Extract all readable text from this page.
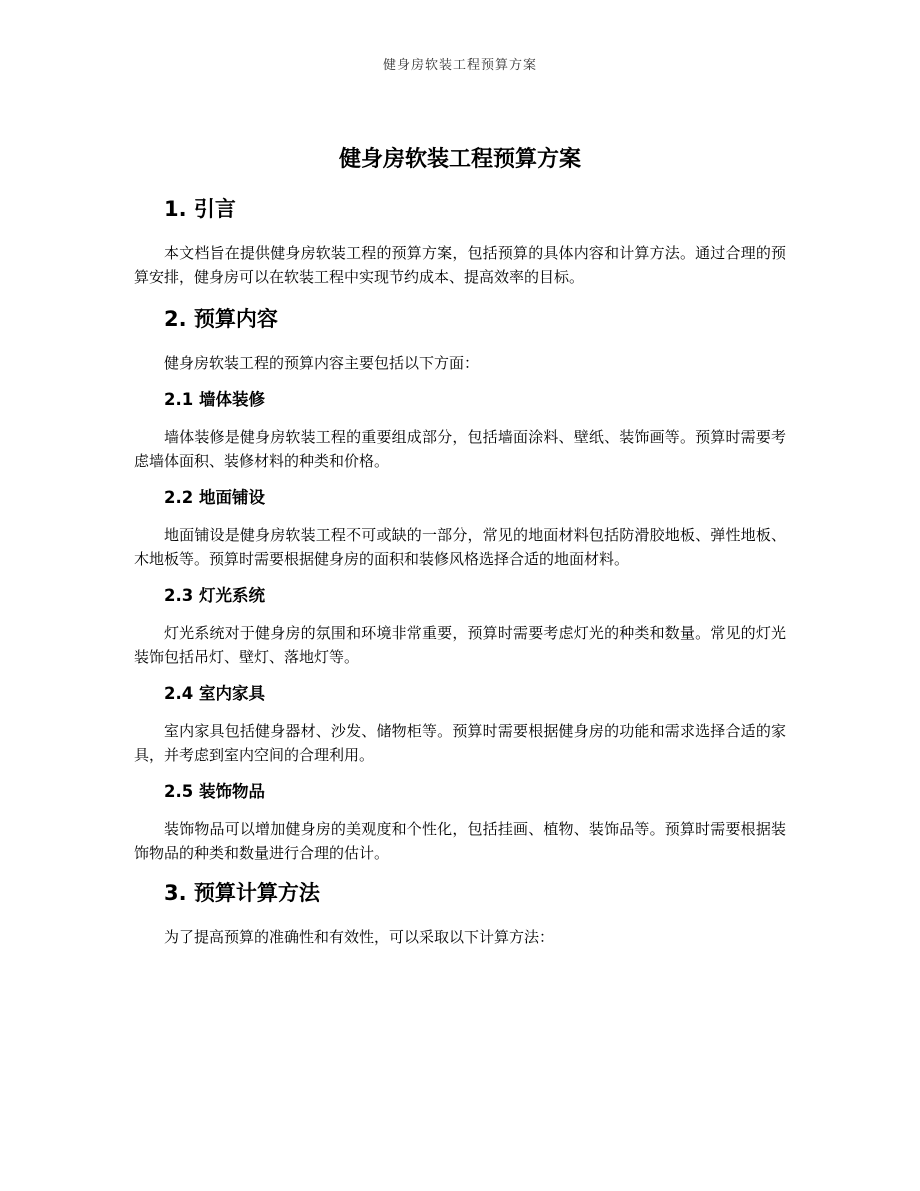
健身房软装工程预算方案
健身房软装工程预算方案
1. 引言

本文档旨在提供健身房软装工程的预算方案，包括预算的具体内容和计算方法。通过合理的预算安排，健身房可以在软装工程中实现节约成本、提高效率的目标。

2. 预算内容

健身房软装工程的预算内容主要包括以下方面：

2.1 墙体装修

墙体装修是健身房软装工程的重要组成部分，包括墙面涂料、壁纸、装饰画等。预算时需要考虑墙体面积、装修材料的种类和价格。

2.2 地面铺设

地面铺设是健身房软装工程不可或缺的一部分，常见的地面材料包括防滑胶地板、弹性地板、木地板等。预算时需要根据健身房的面积和装修风格选择合适的地面材料。

2.3 灯光系统

灯光系统对于健身房的氛围和环境非常重要，预算时需要考虑灯光的种类和数量。常见的灯光装饰包括吊灯、壁灯、落地灯等。

2.4 室内家具

室内家具包括健身器材、沙发、储物柜等。预算时需要根据健身房的功能和需求选择合适的家具，并考虑到室内空间的合理利用。

2.5 装饰物品

装饰物品可以增加健身房的美观度和个性化，包括挂画、植物、装饰品等。预算时需要根据装饰物品的种类和数量进行合理的估计。

3. 预算计算方法

为了提高预算的准确性和有效性，可以采取以下计算方法：
